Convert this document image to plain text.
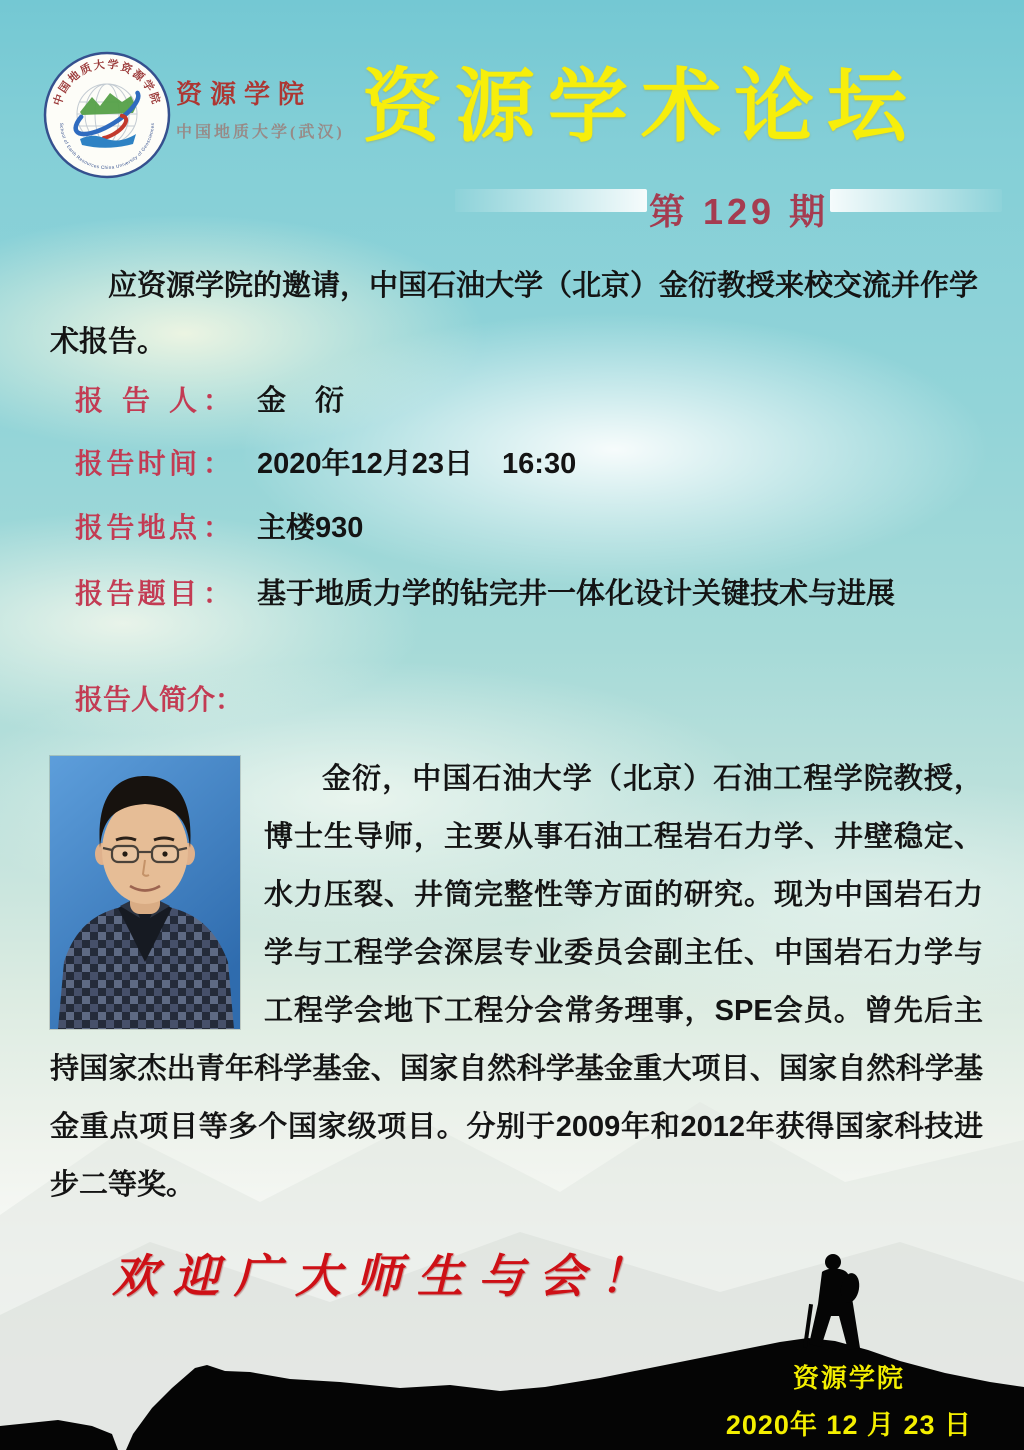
中国地质大学资源学院
School of Earth Resources China University of Geosciences
资源学院
中国地质大学(武汉) 资源学术论坛
第 129 期
应资源学院的邀请，中国石油大学（北京）金衍教授来校交流并作学术报告。
报 告 人 ： 金　衍
报告时间 ： 2020年12月23日　16:30
报告地点 ： 主楼930
报告题目 ： 基于地质力学的钻完井一体化设计关键技术与进展
报告人简介：

金衍，中国石油大学（北京）石油工程学院教授，博士生导师，主要从事石油工程岩石力学、井壁稳定、水力压裂、井筒完整性等方面的研究。现为中国岩石力学与工程学会深层专业委员会副主任、中国岩石力学与工程学会地下工程分会常务理事，SPE会员。曾先后主持国家杰出青年科学基金、国家自然科学基金重大项目、国家自然科学基金重点项目等多个国家级项目。分别于2009年和2012年获得国家科技进步二等奖。

欢迎广大师生与会！
资源学院
2020年 12 月 23 日
